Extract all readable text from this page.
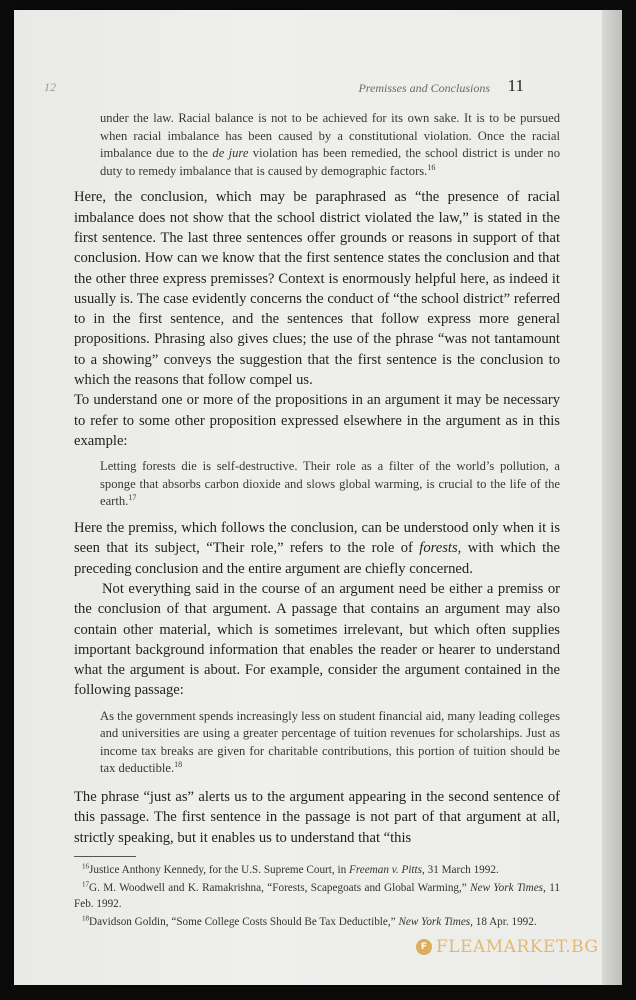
12	Premisses and Conclusions 11

under the law. Racial balance is not to be achieved for its own sake. It is to be pursued when racial imbalance has been caused by a constitutional violation. Once the racial imbalance due to the de jure violation has been remedied, the school district is under no duty to remedy imbalance that is caused by demographic factors.$^{16}$

Here, the conclusion, which may be paraphrased as “the presence of racial imbalance does not show that the school district violated the law,” is stated in the first sentence. The last three sentences offer grounds or reasons in support of that conclusion. How can we know that the first sentence states the conclusion and that the other three express premisses? Context is enormously helpful here, as indeed it usually is. The case evidently concerns the conduct of “the school district” referred to in the first sentence, and the sentences that follow express more general propositions. Phrasing also gives clues; the use of the phrase “was not tantamount to a showing” conveys the suggestion that the first sentence is the conclusion to which the reasons that follow compel us.

To understand one or more of the propositions in an argument it may be necessary to refer to some other proposition expressed elsewhere in the argument as in this example:

Letting forests die is self-destructive. Their role as a filter of the world’s pollution, a sponge that absorbs carbon dioxide and slows global warming, is crucial to the life of the earth.$^{17}$

Here the premiss, which follows the conclusion, can be understood only when it is seen that its subject, “Their role,” refers to the role of forests, with which the preceding conclusion and the entire argument are chiefly concerned.

Not everything said in the course of an argument need be either a premiss or the conclusion of that argument. A passage that contains an argument may also contain other material, which is sometimes irrelevant, but which often supplies important background information that enables the reader or hearer to understand what the argument is about. For example, consider the argument contained in the following passage:

As the government spends increasingly less on student financial aid, many leading colleges and universities are using a greater percentage of tuition revenues for scholarships. Just as income tax breaks are given for charitable contributions, this portion of tuition should be tax deductible.$^{18}$

The phrase “just as” alerts us to the argument appearing in the second sentence of this passage. The first sentence in the passage is not part of that argument at all, strictly speaking, but it enables us to understand that “this

$^{16}$Justice Anthony Kennedy, for the U.S. Supreme Court, in Freeman v. Pitts, 31 March 1992.

$^{17}$G. M. Woodwell and K. Ramakrishna, “Forests, Scapegoats and Global Warming,” New York Times, 11 Feb. 1992.

$^{18}$Davidson Goldin, “Some College Costs Should Be Tax Deductible,” New York Times, 18 Apr. 1992.

F FLEAMARKET.BG
